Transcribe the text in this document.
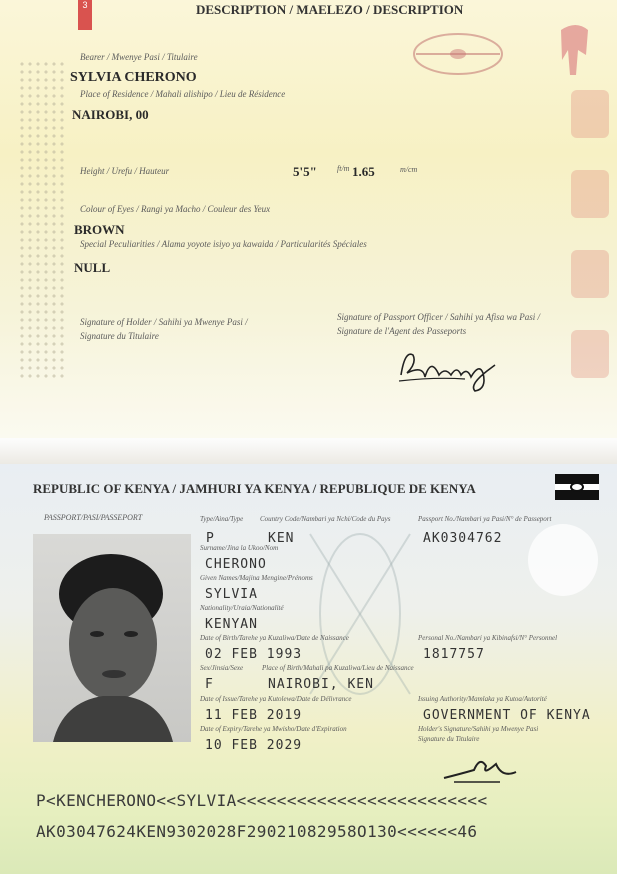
3	DESCRIPTION / MAELEZO / DESCRIPTION
Bearer / Mwenye Pasi / Titulaire
SYLVIA CHERONO
Place of Residence / Mahali alishipo / Lieu de Résidence
NAIROBI, 00
Height / Urefu / Hauteur	5'5"	ft/m 1.65	m/cm
Colour of Eyes / Rangi ya Macho / Couleur des Yeux
BROWN
Special Peculiarities / Alama yoyote isiyo ya kawaida / Particularités Spéciales
NULL
Signature of Holder / Sahihi ya Mwenye Pasi /
Signature du Titulaire
Signature of Passport Officer / Sahihi ya Afisa wa Pasi /
Signature de l'Agent des Passeports
REPUBLIC OF KENYA / JAMHURI YA KENYA / REPUBLIQUE DE KENYA
PASSPORT/PASI/PASSEPORT	Type/Aina/Type Country Code/Nambari ya Nchi/Code du Pays	Passport No./Nambari ya Pasi/N° de Passeport
P	KEN	AK0304762
Surname/Jina la Ukoo/Nom
CHERONO
Given Names/Majina Mengine/Prénoms
SYLVIA
Nationality/Uraia/Nationalité
KENYAN
Date of Birth/Tarehe ya Kuzaliwa/Date de Naissance
02 FEB 1993
Personal No./Nambari ya Kibinafsi/N° Personnel
1817757
Sex/Jinsia/Sexe	Place of Birth/Mahali pa Kuzaliwa/Lieu de Naissance
F	NAIROBI, KEN
Date of Issue/Tarehe ya Kutolewa/Date de Délivrance
11 FEB 2019
Issuing Authority/Mamlaka ya Kutoa/Autorité
GOVERNMENT OF KENYA
Date of Expiry/Tarehe ya Mwisho/Date d'Expiration
10 FEB 2029
Holder's Signature/Sahihi ya Mwenye Pasi
Signature du Titulaire
P<KENCHERONO<<SYLVIA<<<<<<<<<<<<<<<<<<<<<<<<<
AK03047624KEN9302028F29021082958O130<<<<<<46
